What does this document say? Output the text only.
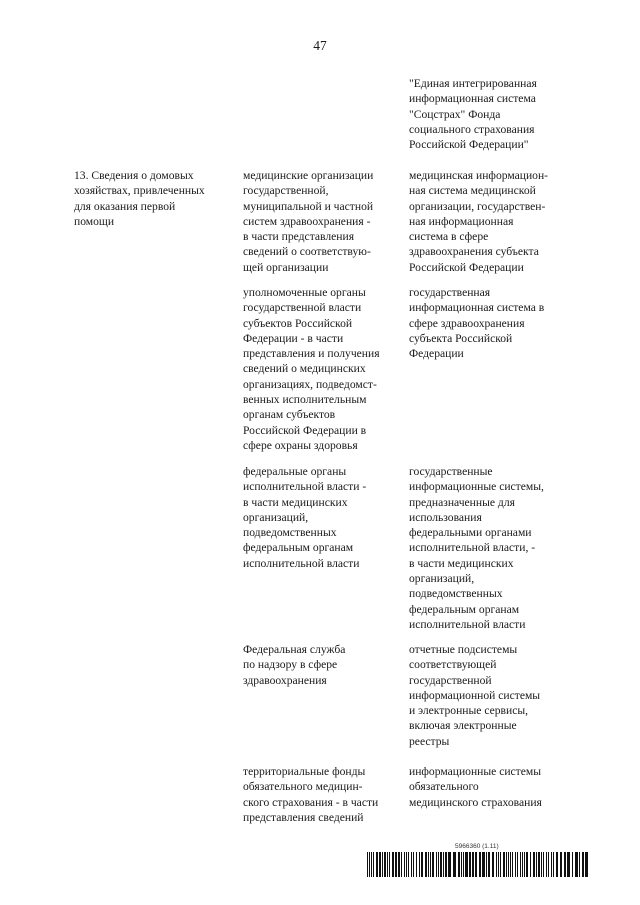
47
"Единая интегрированная
информационная система
"Соцстрах" Фонда
социального страхования
Российской Федерации"
13. Сведения о домовых
хозяйствах, привлеченных
для оказания первой
помощи
медицинские организации
государственной,
муниципальной и частной
систем здравоохранения -
в части представления
сведений о соответствую-
щей организации
медицинская информацион-
ная система медицинской
организации, государствен-
ная информационная
система в сфере
здравоохранения субъекта
Российской Федерации
уполномоченные органы
государственной власти
субъектов Российской
Федерации - в части
представления и получения
сведений о медицинских
организациях, подведомст-
венных исполнительным
органам субъектов
Российской Федерации в
сфере охраны здоровья
государственная
информационная система в
сфере здравоохранения
субъекта Российской
Федерации
федеральные органы
исполнительной власти -
в части медицинских
организаций,
подведомственных
федеральным органам
исполнительной власти
государственные
информационные системы,
предназначенные для
использования
федеральными органами
исполнительной власти, -
в части медицинских
организаций,
подведомственных
федеральным органам
исполнительной власти
Федеральная служба
по надзору в сфере
здравоохранения
отчетные подсистемы
соответствующей
государственной
информационной системы
и электронные сервисы,
включая электронные
реестры
территориальные фонды
обязательного медицин-
ского страхования - в части
представления сведений
информационные системы
обязательного
медицинского страхования
5966360 (1.11)
